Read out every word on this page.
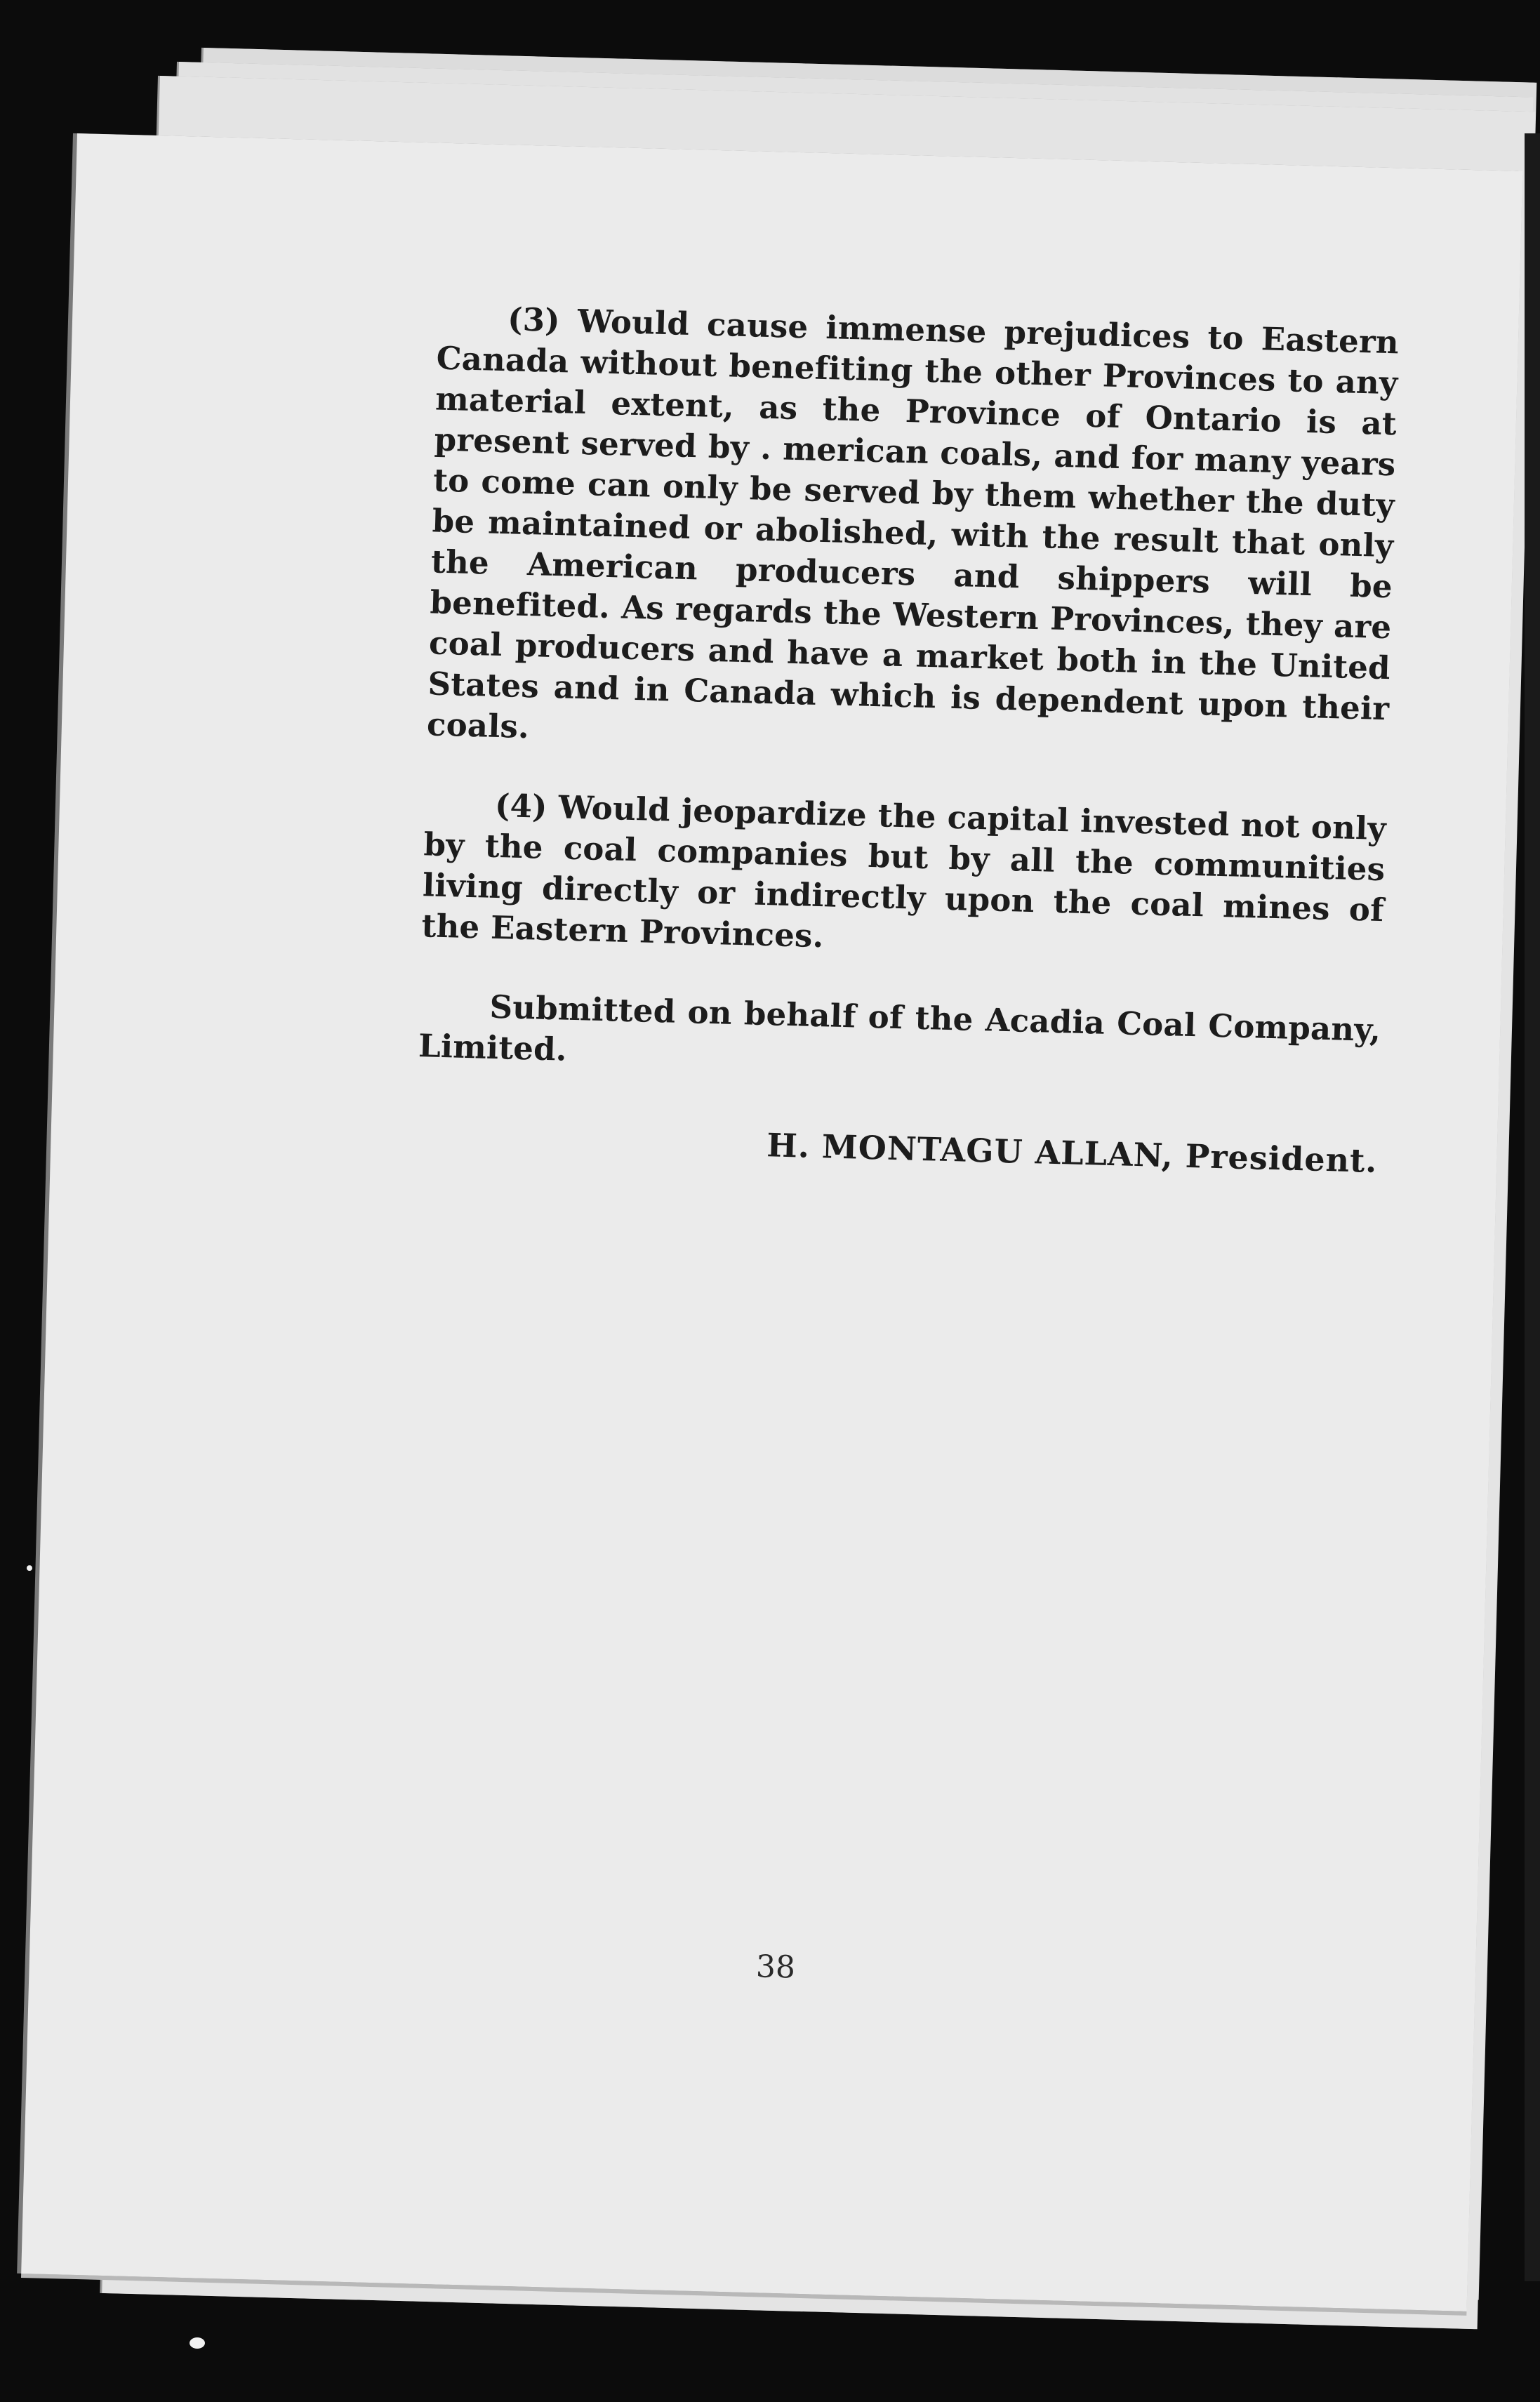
(3) Would cause immense prejudices to Eastern Canada without benefiting the other Provinces to any material extent, as the Province of Ontario is at present served by . merican coals, and for many years to come can only be served by them whether the duty be maintained or abolished, with the result that only the American producers and shippers will be benefited. As regards the Western Provinces, they are coal producers and have a market both in the United States and in Canada which is dependent upon their coals.

(4) Would jeopardize the capital invested not only by the coal companies but by all the communities living directly or indirectly upon the coal mines of the Eastern Provinces.

Submitted on behalf of the Acadia Coal Company, Limited.

H. MONTAGU ALLAN, President.
38
